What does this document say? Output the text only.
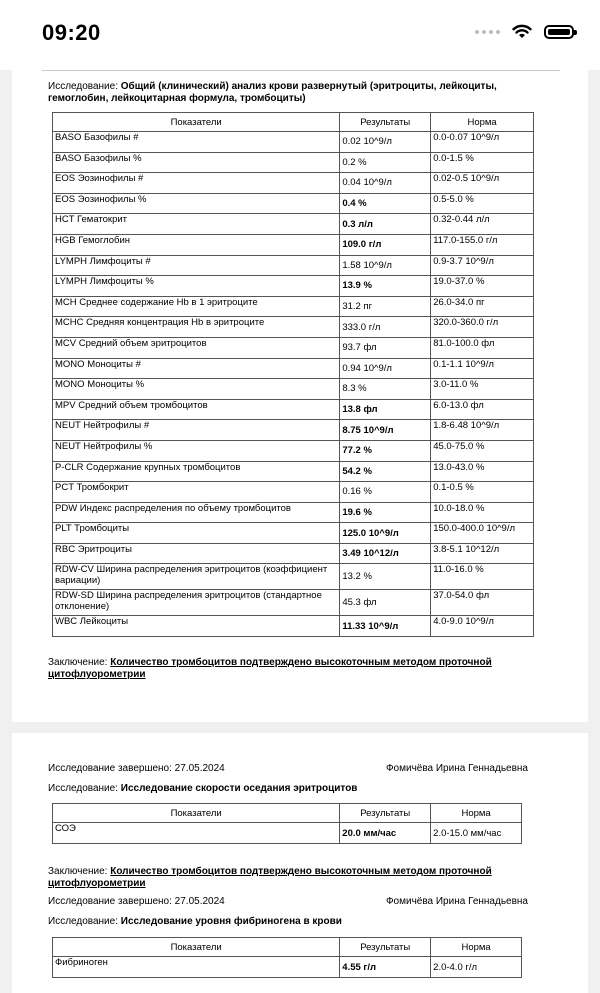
09:20
Исследование: Общий (клинический) анализ крови развернутый (эритроциты, лейкоциты, гемоглобин, лейкоцитарная формула, тромбоциты)
Показатели	Результаты	Норма
BASO Базофилы #	0.02 10^9/л	0.0-0.07 10^9/л
BASO Базофилы %	0.2 %	0.0-1.5 %
EOS Эозинофилы #	0.04 10^9/л	0.02-0.5 10^9/л
EOS Эозинофилы %	0.4 %	0.5-5.0 %
HCT Гематокрит	0.3 л/л	0.32-0.44 л/л
HGB Гемоглобин	109.0 г/л	117.0-155.0 г/л
LYMPH Лимфоциты #	1.58 10^9/л	0.9-3.7 10^9/л
LYMPH Лимфоциты %	13.9 %	19.0-37.0 %
MCH Среднее содержание Hb в 1 эритроците	31.2 пг	26.0-34.0 пг
MCHC Средняя концентрация Hb в эритроците	333.0 г/л	320.0-360.0 г/л
MCV Средний объем эритроцитов	93.7 фл	81.0-100.0 фл
MONO Моноциты #	0.94 10^9/л	0.1-1.1 10^9/л
MONO Моноциты %	8.3 %	3.0-11.0 %
MPV Средний объем тромбоцитов	13.8 фл	6.0-13.0 фл
NEUT Нейтрофилы #	8.75 10^9/л	1.8-6.48 10^9/л
NEUT Нейтрофилы %	77.2 %	45.0-75.0 %
P-CLR Содержание крупных тромбоцитов	54.2 %	13.0-43.0 %
PCT Тромбокрит	0.16 %	0.1-0.5 %
PDW Индекс распределения по объему тромбоцитов	19.6 %	10.0-18.0 %
PLT Тромбоциты	125.0 10^9/л	150.0-400.0 10^9/л
RBC Эритроциты	3.49 10^12/л	3.8-5.1 10^12/л
RDW-CV Ширина распределения эритроцитов (коэффициент вариации)	13.2 %	11.0-16.0 %
RDW-SD Ширина распределения эритроцитов (стандартное отклонение)	45.3 фл	37.0-54.0 фл
WBC Лейкоциты	11.33 10^9/л	4.0-9.0 10^9/л
Заключение: Количество тромбоцитов подтверждено высокоточным методом проточной цитофлуорометрии
Исследование завершено: 27.05.2024	Фомичёва Ирина Геннадьевна
Исследование: Исследование скорости оседания эритроцитов
Показатели	Результаты	Норма
СОЭ	20.0 мм/час	2.0-15.0 мм/час
Заключение: Количество тромбоцитов подтверждено высокоточным методом проточной цитофлуорометрии
Исследование завершено: 27.05.2024	Фомичёва Ирина Геннадьевна
Исследование: Исследование уровня фибриногена в крови
Показатели	Результаты	Норма
Фибриноген	4.55 г/л	2.0-4.0 г/л
